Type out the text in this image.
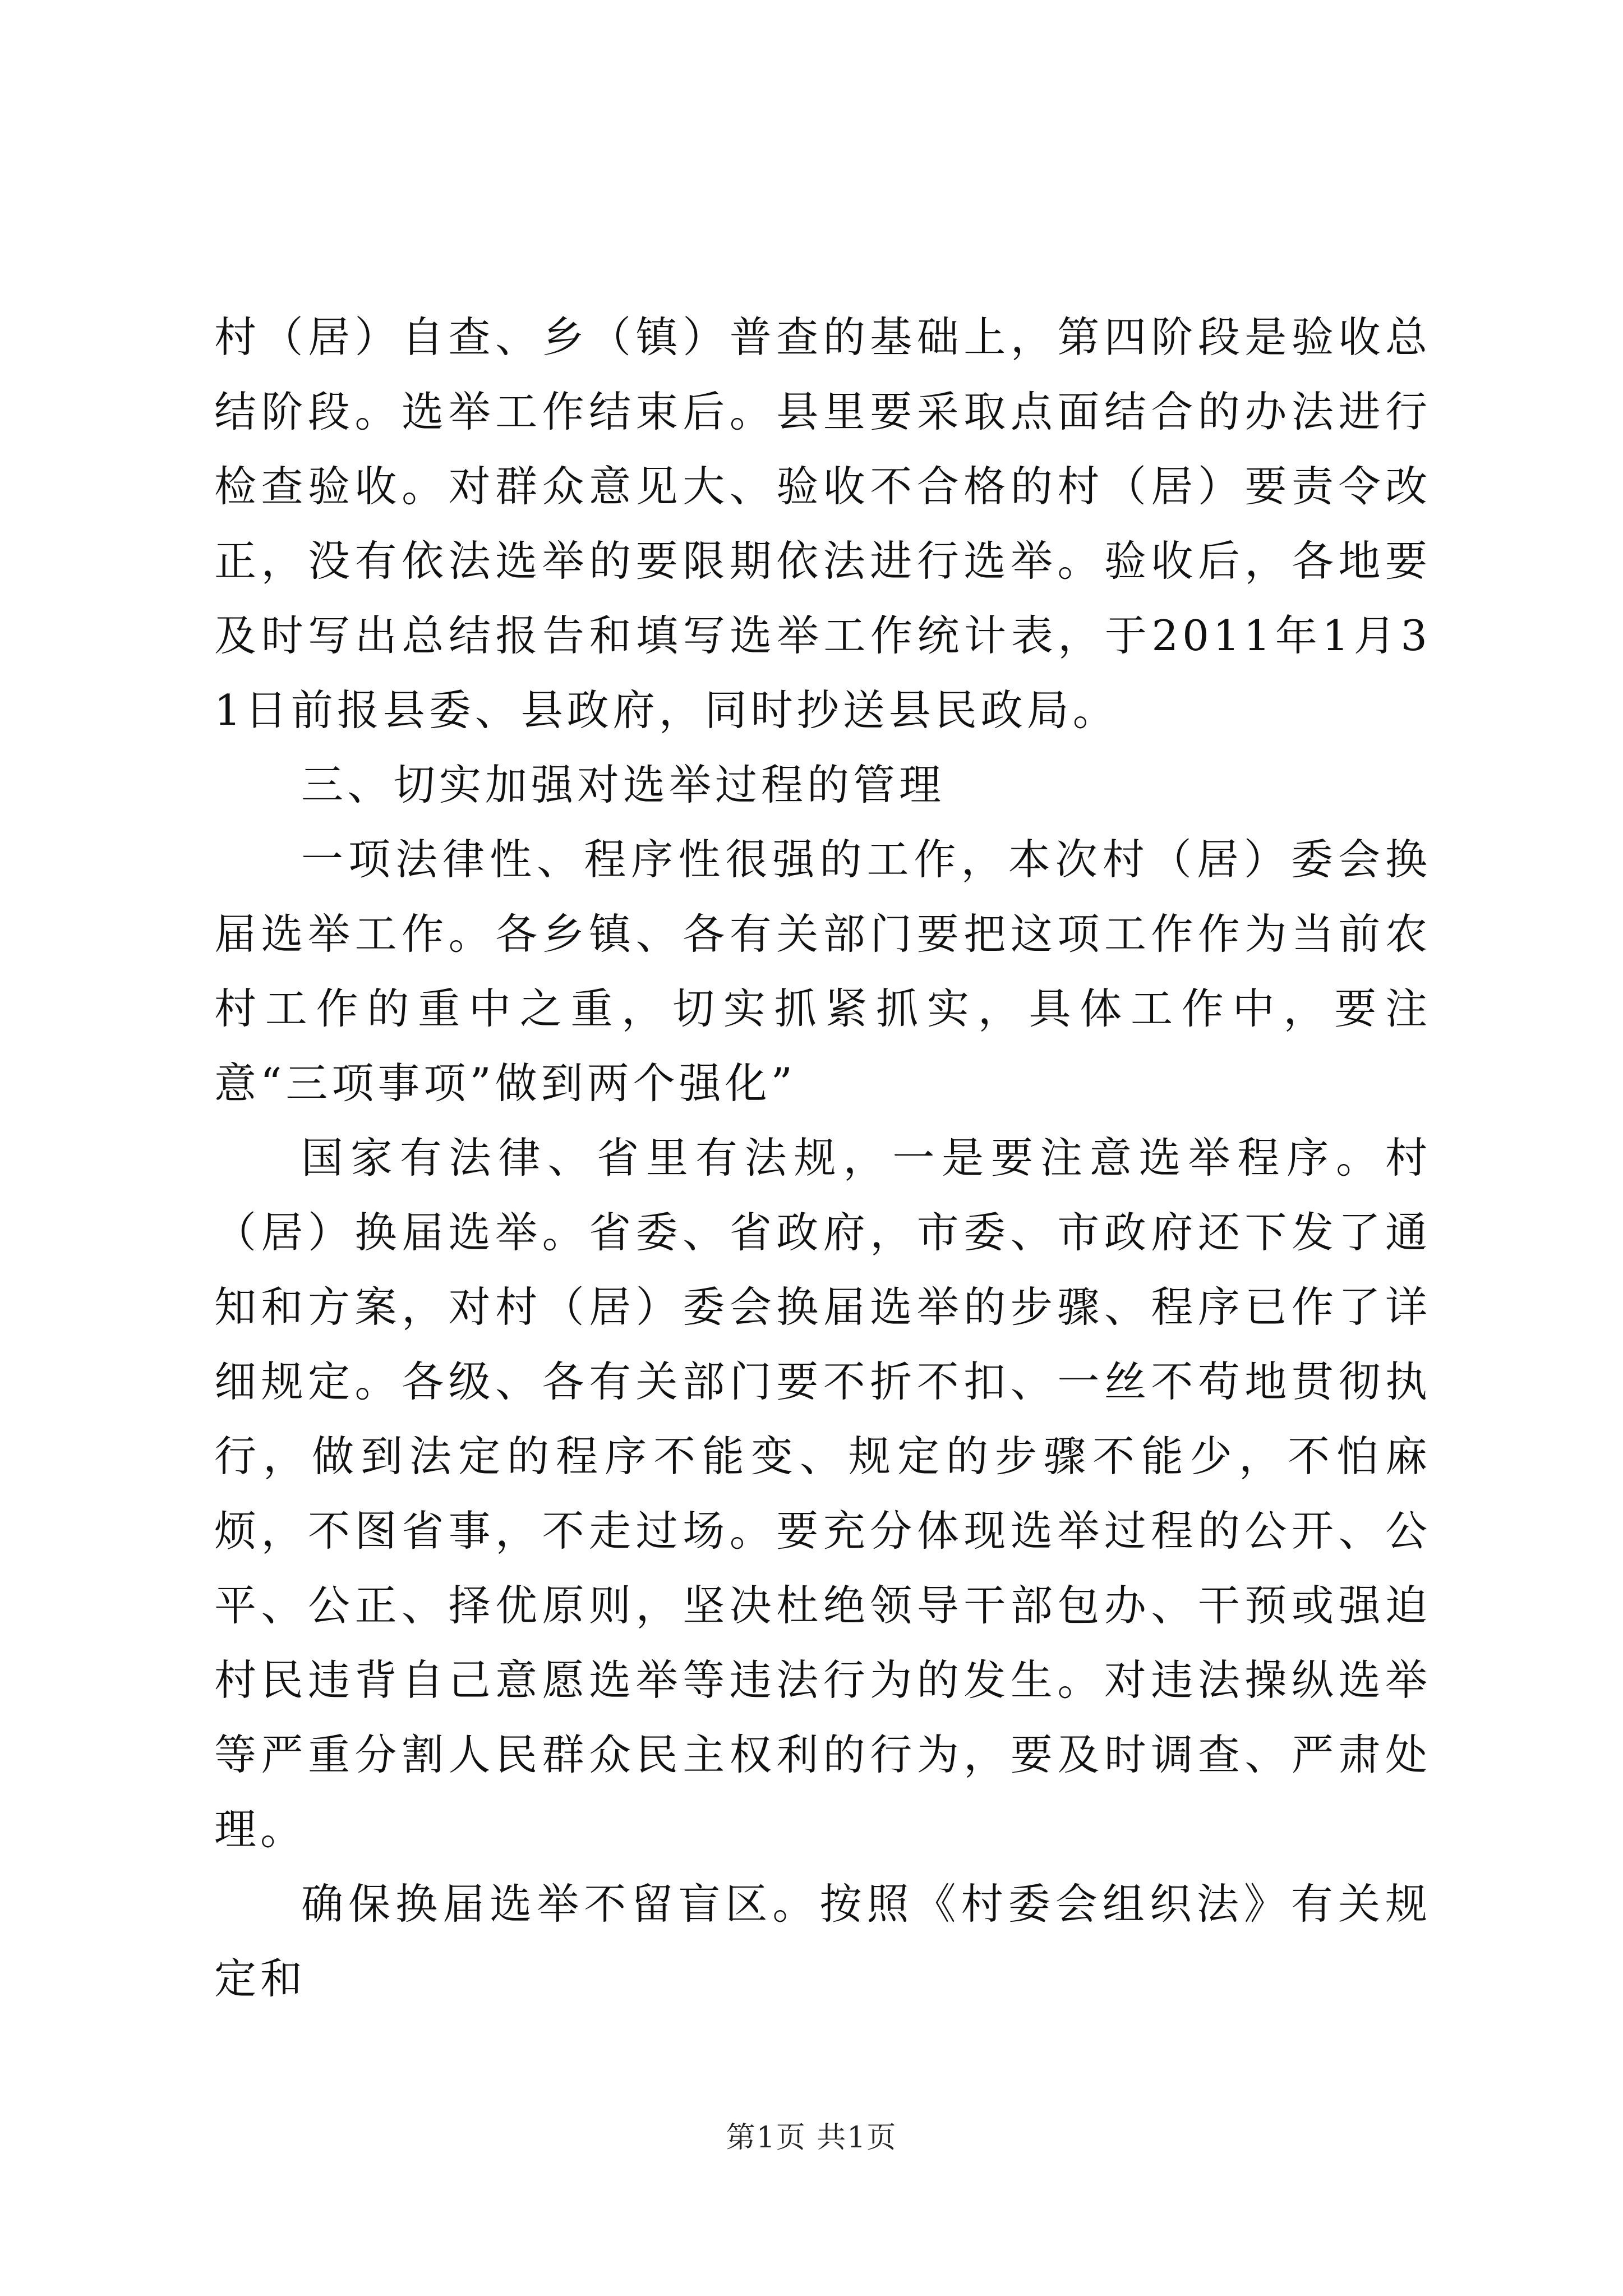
村（居）自查、乡（镇）普查的基础上，第四阶段是验收总结阶段。选举工作结束后。县里要采取点面结合的办法进行检查验收。对群众意见大、验收不合格的村（居）要责令改正，没有依法选举的要限期依法进行选举。验收后，各地要及时写出总结报告和填写选举工作统计表，于2011年1月31日前报县委、县政府，同时抄送县民政局。

三、切实加强对选举过程的管理

一项法律性、程序性很强的工作，本次村（居）委会换届选举工作。各乡镇、各有关部门要把这项工作作为当前农村工作的重中之重，切实抓紧抓实，具体工作中，要注意“三项事项”做到两个强化”

国家有法律、省里有法规，一是要注意选举程序。村（居）换届选举。省委、省政府，市委、市政府还下发了通知和方案，对村（居）委会换届选举的步骤、程序已作了详细规定。各级、各有关部门要不折不扣、一丝不苟地贯彻执行，做到法定的程序不能变、规定的步骤不能少，不怕麻烦，不图省事，不走过场。要充分体现选举过程的公开、公平、公正、择优原则，坚决杜绝领导干部包办、干预或强迫村民违背自己意愿选举等违法行为的发生。对违法操纵选举等严重分割人民群众民主权利的行为，要及时调查、严肃处理。

确保换届选举不留盲区。按照《村委会组织法》有关规定和

第1页 共1页
